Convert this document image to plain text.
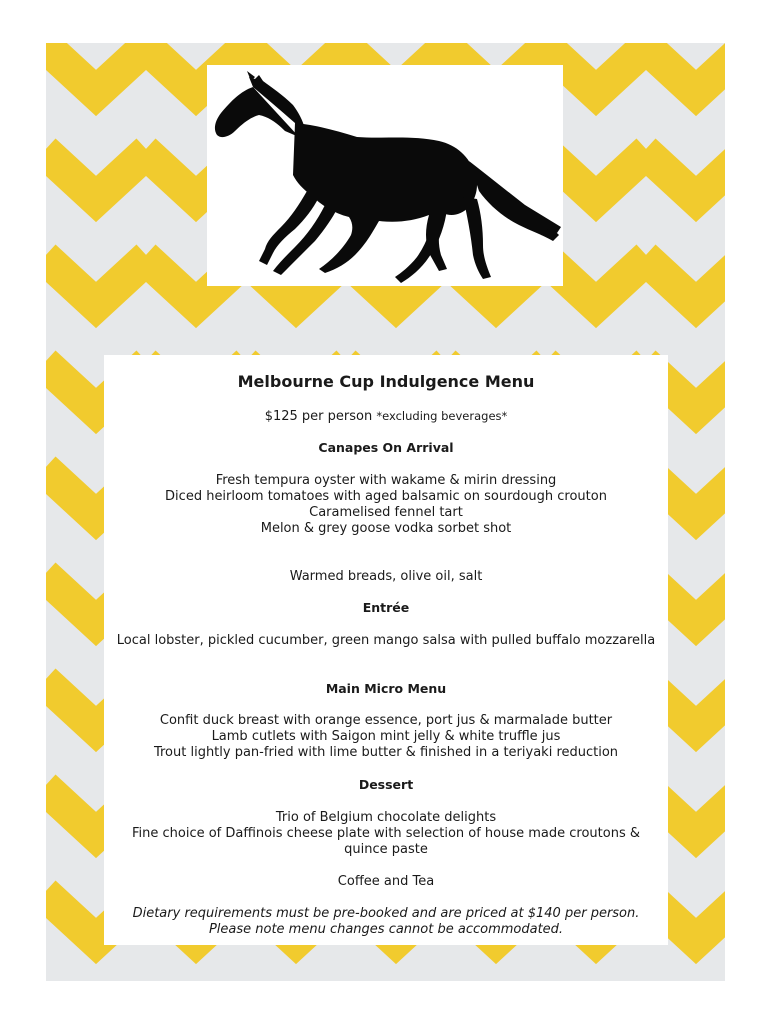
Melbourne Cup Indulgence Menu
$125 per person *excluding beverages*
Canapes On Arrival
Fresh tempura oyster with wakame & mirin dressing
Diced heirloom tomatoes with aged balsamic on sourdough crouton
Caramelised fennel tart
Melon & grey goose vodka sorbet shot
Warmed breads, olive oil, salt
Entrée
Local lobster, pickled cucumber, green mango salsa with pulled buffalo mozzarella
Main Micro Menu
Confit duck breast with orange essence, port jus & marmalade butter
Lamb cutlets with Saigon mint jelly & white truffle jus
Trout lightly pan-fried with lime butter & finished in a teriyaki reduction
Dessert
Trio of Belgium chocolate delights
Fine choice of Daffinois cheese plate with selection of house made croutons & quince paste
Coffee and Tea
Dietary requirements must be pre-booked and are priced at $140 per person.
Please note menu changes cannot be accommodated.
